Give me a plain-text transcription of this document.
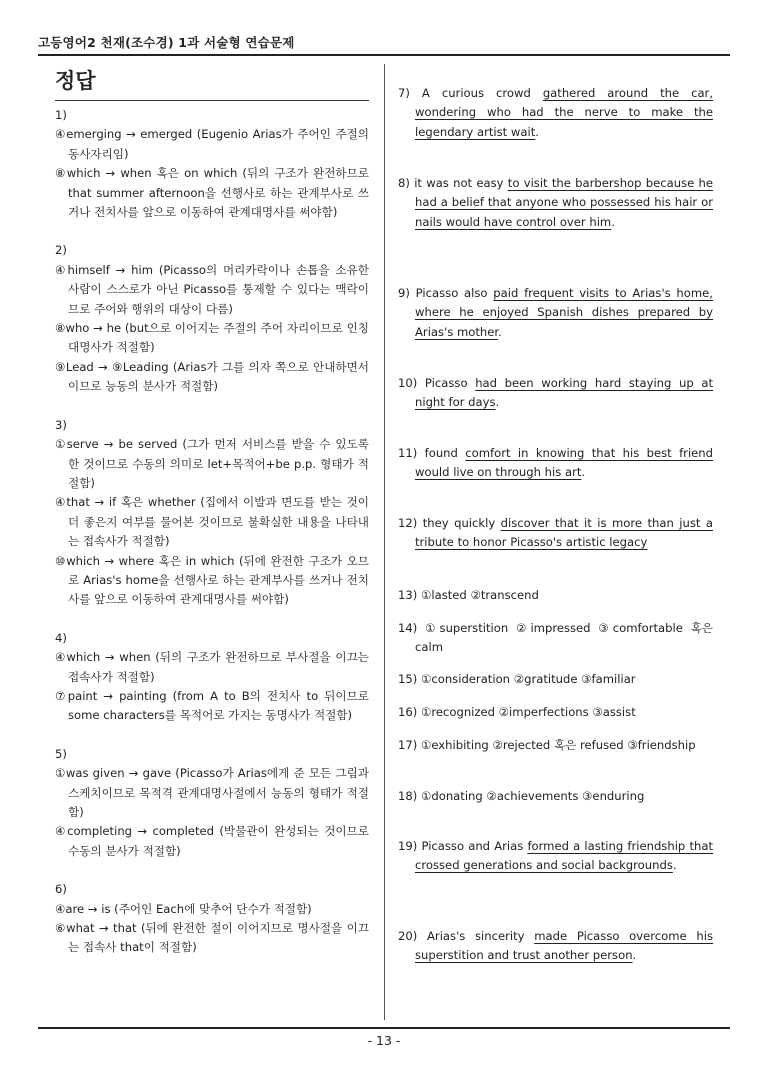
고등영어2 천재(조수경) 1과 서술형 연습문제
정답
1)
④emerging → emerged (Eugenio Arias가 주어인 주절의 동사자리임)
⑧which → when 혹은 on which (뒤의 구조가 완전하므로 that summer afternoon을 선행사로 하는 관계부사로 쓰거나 전치사를 앞으로 이동하여 관계대명사를 써야함)
2)
④himself → him (Picasso의 머리카락이나 손톱을 소유한 사람이 스스로가 아닌 Picasso를 통제할 수 있다는 맥락이므로 주어와 행위의 대상이 다름)
⑧who → he (but으로 이어지는 주절의 주어 자리이므로 인칭대명사가 적절함)
⑨Lead → ⑨Leading (Arias가 그를 의자 쪽으로 안내하면서이므로 능동의 분사가 적절함)
3)
①serve → be served (그가 먼저 서비스를 받을 수 있도록 한 것이므로 수동의 의미로 let+목적어+be p.p. 형태가 적절함)
④that → if 혹은 whether (집에서 이발과 면도를 받는 것이 더 좋은지 여부를 물어본 것이므로 불확실한 내용을 나타내는 접속사가 적절함)
⑩which → where 혹은 in which (뒤에 완전한 구조가 오므로 Arias's home을 선행사로 하는 관계부사를 쓰거나 전치사를 앞으로 이동하여 관계대명사를 써야함)
4)
④which → when (뒤의 구조가 완전하므로 부사절을 이끄는 접속사가 적절함)
⑦paint → painting (from A to B의 전치사 to 뒤이므로 some characters를 목적어로 가지는 동명사가 적절함)
5)
①was given → gave (Picasso가 Arias에게 준 모든 그림과 스케치이므로 목적격 관계대명사절에서 능동의 형태가 적절함)
④completing → completed (박물관이 완성되는 것이므로 수동의 분사가 적절함)
6)
④are → is (주어인 Each에 맞추어 단수가 적절함)
⑥what → that (뒤에 완전한 절이 이어지므로 명사절을 이끄는 접속사 that이 적절함)
7) A curious crowd gathered around the car, wondering who had the nerve to make the legendary artist wait.
8) it was not easy to visit the barbershop because he had a belief that anyone who possessed his hair or nails would have control over him.
9) Picasso also paid frequent visits to Arias's home, where he enjoyed Spanish dishes prepared by Arias's mother.
10) Picasso had been working hard staying up at night for days.
11) found comfort in knowing that his best friend would live on through his art.
12) they quickly discover that it is more than just a tribute to honor Picasso's artistic legacy
13) ①lasted ②transcend
14) ①superstition ②impressed ③comfortable 혹은 calm
15) ①consideration ②gratitude ③familiar
16) ①recognized ②imperfections ③assist
17) ①exhibiting ②rejected 혹은 refused ③friendship
18) ①donating ②achievements ③enduring
19) Picasso and Arias formed a lasting friendship that crossed generations and social backgrounds.
20) Arias's sincerity made Picasso overcome his superstition and trust another person.
- 13 -
